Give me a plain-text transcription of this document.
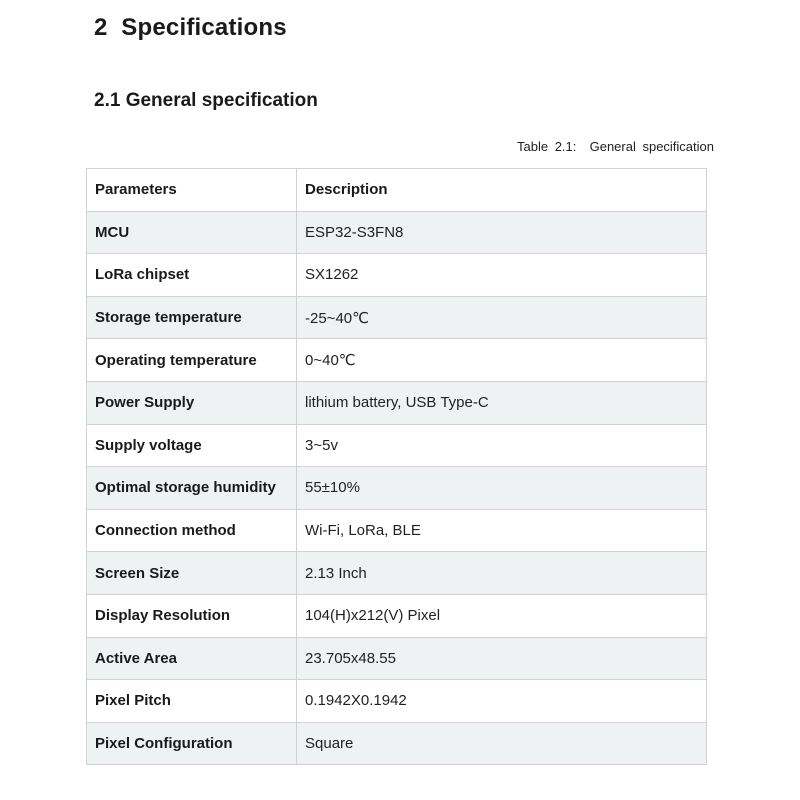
2  Specifications
2.1 General specification
Table 2.1:  General specification
Parameters	Description
MCU	ESP32-S3FN8
LoRa chipset	SX1262
Storage temperature	-25~40℃
Operating temperature	0~40℃
Power Supply	lithium battery, USB Type-C
Supply voltage	3~5v
Optimal storage humidity	55±10%
Connection method	Wi-Fi, LoRa, BLE
Screen Size	2.13 Inch
Display Resolution	104(H)x212(V) Pixel
Active Area	23.705x48.55
Pixel Pitch	0.1942X0.1942
Pixel Configuration	Square
